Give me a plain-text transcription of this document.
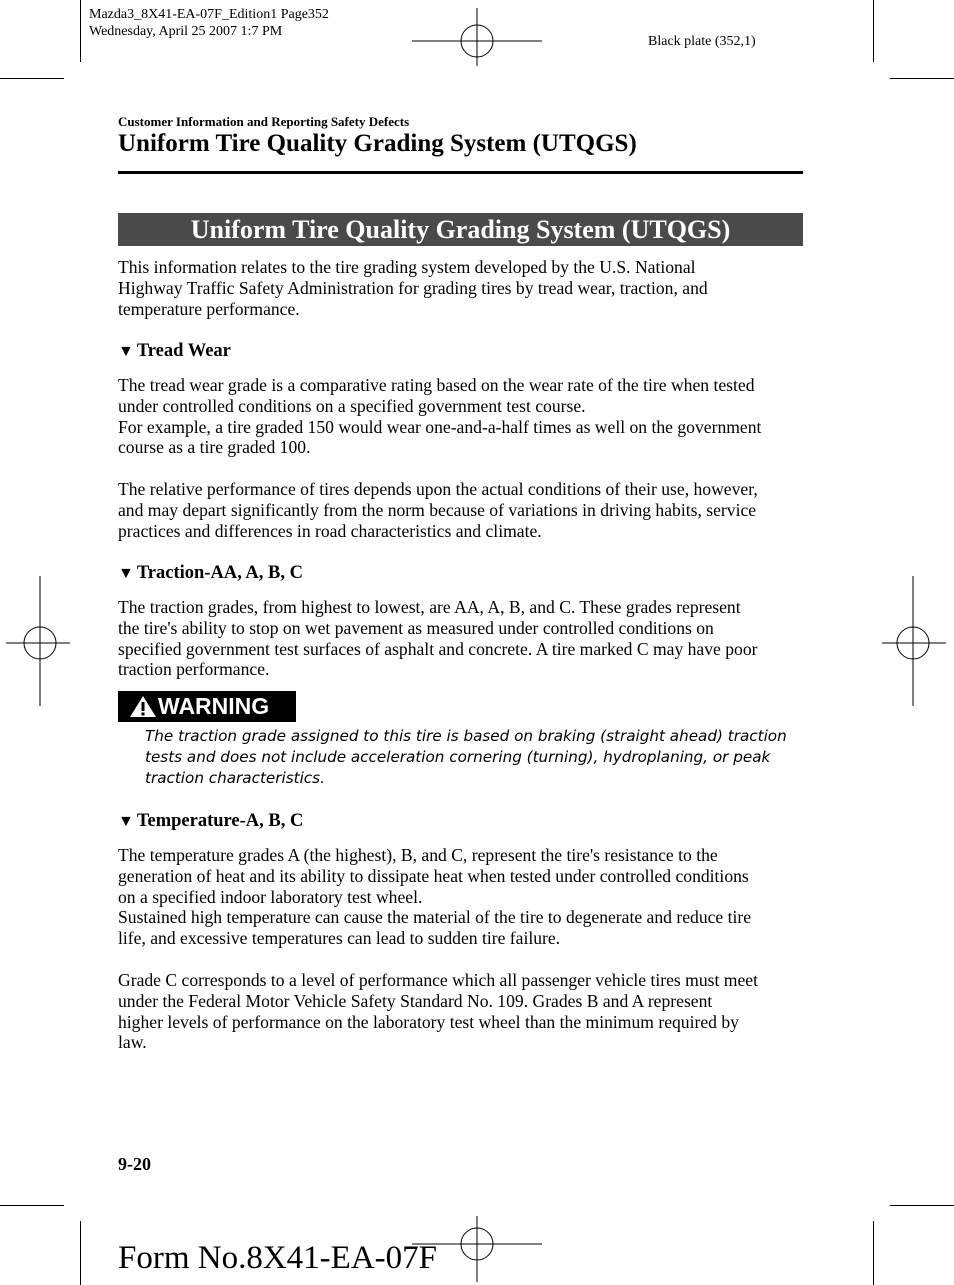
Mazda3_8X41-EA-07F_Edition1 Page352
Wednesday, April 25 2007 1:7 PM
Black plate (352,1)
Customer Information and Reporting Safety Defects
Uniform Tire Quality Grading System (UTQGS)
Uniform Tire Quality Grading System (UTQGS)
This information relates to the tire grading system developed by the U.S. National
Highway Traffic Safety Administration for grading tires by tread wear, traction, and
temperature performance.
▼ Tread Wear
The tread wear grade is a comparative rating based on the wear rate of the tire when tested
under controlled conditions on a specified government test course.
For example, a tire graded 150 would wear one-and-a-half times as well on the government
course as a tire graded 100.
The relative performance of tires depends upon the actual conditions of their use, however,
and may depart significantly from the norm because of variations in driving habits, service
practices and differences in road characteristics and climate.
▼ Traction-AA, A, B, C
The traction grades, from highest to lowest, are AA, A, B, and C. These grades represent
the tire's ability to stop on wet pavement as measured under controlled conditions on
specified government test surfaces of asphalt and concrete. A tire marked C may have poor
traction performance.
WARNING
The traction grade assigned to this tire is based on braking (straight ahead) traction
tests and does not include acceleration cornering (turning), hydroplaning, or peak
traction characteristics.
▼ Temperature-A, B, C
The temperature grades A (the highest), B, and C, represent the tire's resistance to the
generation of heat and its ability to dissipate heat when tested under controlled conditions
on a specified indoor laboratory test wheel.
Sustained high temperature can cause the material of the tire to degenerate and reduce tire
life, and excessive temperatures can lead to sudden tire failure.
Grade C corresponds to a level of performance which all passenger vehicle tires must meet
under the Federal Motor Vehicle Safety Standard No. 109. Grades B and A represent
higher levels of performance on the laboratory test wheel than the minimum required by
law.
9-20
Form No.8X41-EA-07F
